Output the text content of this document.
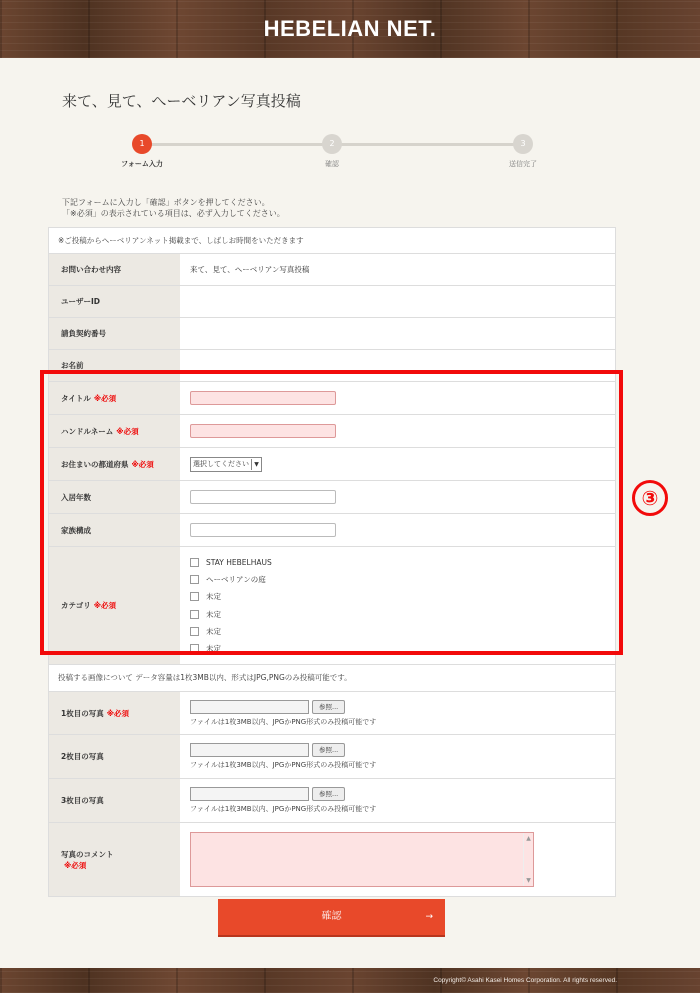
HEBELIAN NET.
来て、見て、へーベリアン写真投稿
1	2	3
フォーム入力	確認	送信完了
下記フォームに入力し「確認」ボタンを押してください。
「※必須」の表示されている項目は、必ず入力してください。
※ご投稿からへーベリアンネット掲載まで、しばしお時間をいただきます
お問い合わせ内容	来て、見て、へーベリアン写真投稿
ユーザーID
請負契約番号
お名前
タイトル ※必須
ハンドルネーム ※必須
お住まいの都道府県 ※必須	選択してください ▼
入居年数
家族構成
カテゴリ ※必須
STAY HEBELHAUS
へーベリアンの庭
未定
未定
未定
未定
投稿する画像について データ容量は1枚3MB以内、形式はJPG,PNGのみ投稿可能です。
1枚目の写真 ※必須
参照...
ファイルは1枚3MB以内、JPGかPNG形式のみ投稿可能です
2枚目の写真
参照...
ファイルは1枚3MB以内、JPGかPNG形式のみ投稿可能です
3枚目の写真
参照...
ファイルは1枚3MB以内、JPGかPNG形式のみ投稿可能です
写真のコメント
※必須
▲
▼
確認	→
③
Copyright© Asahi Kasei Homes Corporation. All rights reserved.
